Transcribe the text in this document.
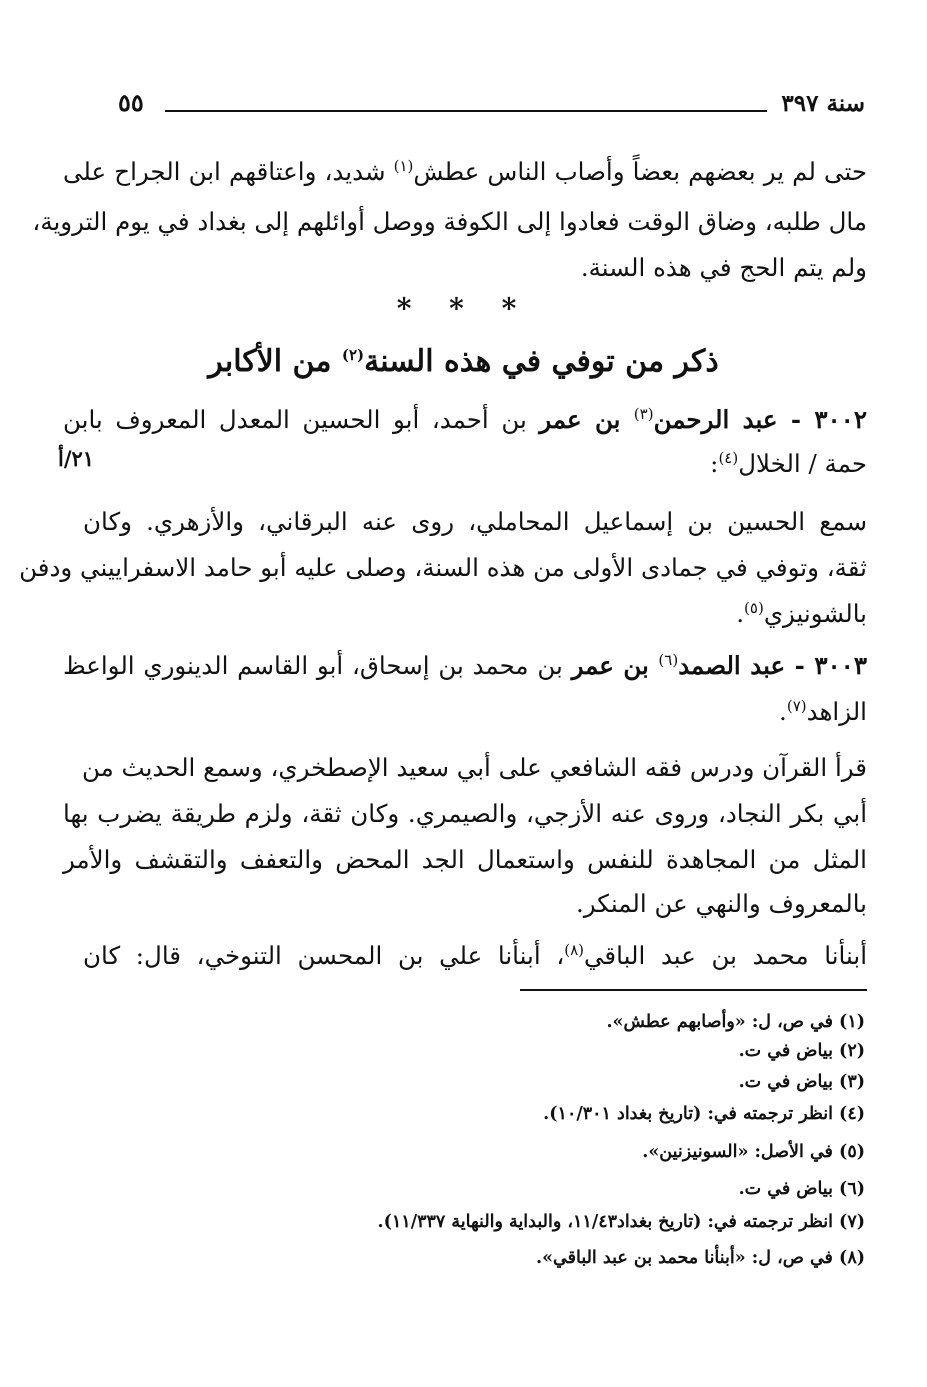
سنة ٣٩٧
٥٥
حتى لم ير بعضهم بعضاً وأصاب الناس عطش$^{(١)}$ شديد، واعتاقهم ابن الجراح على
مال طلبه، وضاق الوقت فعادوا إلى الكوفة ووصل أوائلهم إلى بغداد في يوم التروية،
ولم يتم الحج في هذه السنة.
* * *
ذكر من توفي في هذه السنة$^{(٢)}$ من الأكابر
٣٠٠٢ - عبد الرحمن$^{(٣)}$ بن عمر بن أحمد، أبو الحسين المعدل المعروف بابن
حمة / الخلال$^{(٤)}$:
٢١/أ
سمع الحسين بن إسماعيل المحاملي، روى عنه البرقاني، والأزهري. وكان
ثقة، وتوفي في جمادى الأولى من هذه السنة، وصلى عليه أبو حامد الاسفراييني ودفن
بالشونيزي$^{(٥)}$.
٣٠٠٣ - عبد الصمد$^{(٦)}$ بن عمر بن محمد بن إسحاق، أبو القاسم الدينوري الواعظ
الزاهد$^{(٧)}$.
قرأ القرآن ودرس فقه الشافعي على أبي سعيد الإصطخري، وسمع الحديث من
أبي بكر النجاد، وروى عنه الأزجي، والصيمري. وكان ثقة، ولزم طريقة يضرب بها
المثل من المجاهدة للنفس واستعمال الجد المحض والتعفف والتقشف والأمر
بالمعروف والنهي عن المنكر.
أبنأنا محمد بن عبد الباقي$^{(٨)}$، أبنأنا علي بن المحسن التنوخي، قال: كان
(١) في ص، ل: «وأصابهم عطش».
(٢) بياض في ت.
(٣) بياض في ت.
(٤) انظر ترجمته في: (تاريخ بغداد ١٠/٣٠١).
(٥) في الأصل: «السونيزنين».
(٦) بياض في ت.
(٧) انظر ترجمته في: (تاريخ بغداد١١/٤٣، والبداية والنهاية ١١/٣٣٧).
(٨) في ص، ل: «أبنأنا محمد بن عبد الباقي».
